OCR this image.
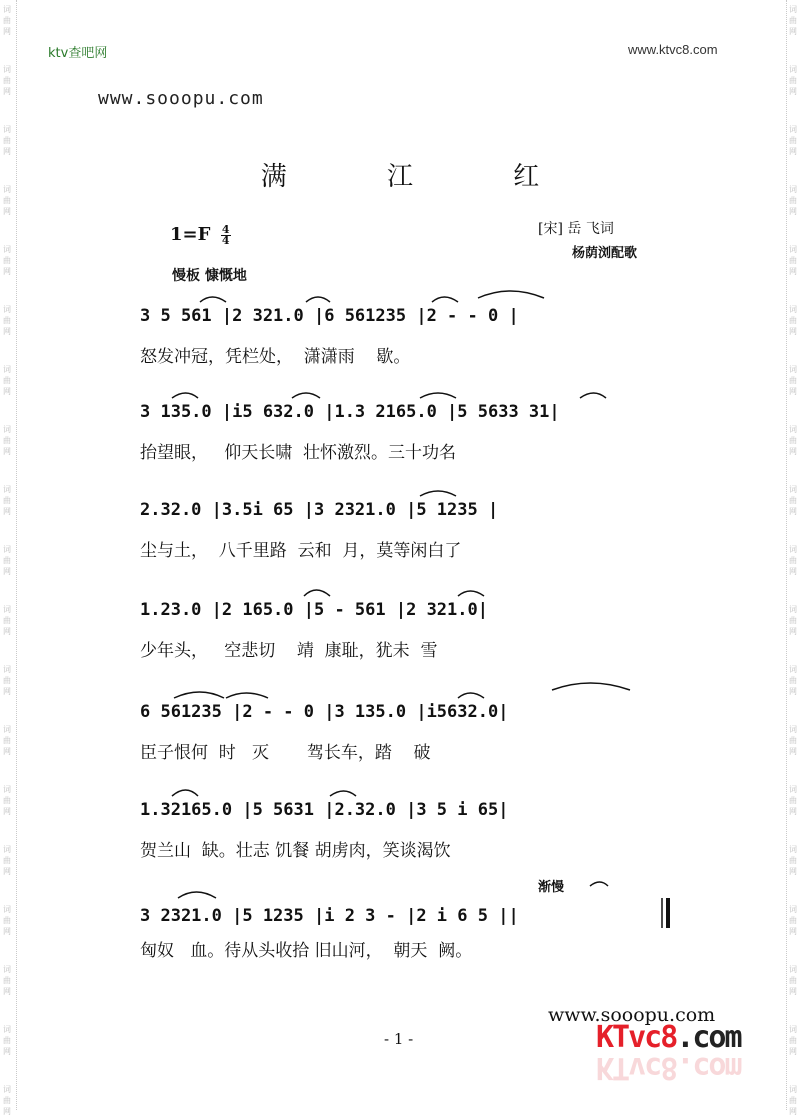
词
曲
网
词
曲
网
词
曲
网
词
曲
网
词
曲
网
词
曲
网
词
曲
网
词
曲
网
词
曲
网
词
曲
网
词
曲
网
词
曲
网
词
曲
网
词
曲
网
词
曲
网
词
曲
网
词
曲
网
词
曲
网
词
曲
网
词
曲
网
词
曲
网
词
曲
网
词
曲
网
词
曲
网
词
曲
网
词
曲
网
词
曲
网
词
曲
网
词
曲
网
词
曲
网
词
曲
网
词
曲
网
词
曲
网
词
曲
网
词
曲
网
词
曲
网
词
曲
网
词
曲
网
ktv查吧网	www.ktvc8.com
www.sooopu.com
满 江 红
$1=F \frac{4}{4}$	[宋] 岳 飞词
杨荫浏配歌
慢板 慷慨地
3 5 561 |2 321.0 |6 561235 |2 - - 0 |
怒发冲冠，凭栏处，  潇潇雨    歇。
3 135.0 |i5 632.0 |1.3 2165.0 |5 5633 31|
抬望眼，   仰天长啸  壮怀激烈。三十功名
2.32.0 |3.5i 65 |3 2321.0 |5 1235 |
尘与土，  八千里路  云和  月，莫等闲白了
1.23.0 |2 165.0 |5 - 561 |2 321.0|
少年头，   空悲切    靖  康耻，犹未  雪
6 561235 |2 - - 0 |3 135.0 |i5632.0|
臣子恨何  时   灭       驾长车，踏    破
1.32165.0 |5 5631 |2.32.0 |3 5 i 65|
贺兰山  缺。壮志 饥餐 胡虏肉，笑谈渴饮
渐慢
3 2321.0 |5 1235 |i 2 3 - |2 i 6 5 ||
匈奴   血。待从头收拾 旧山河，  朝天  阙。
www.sooopu.com
- 1 -	KTvc8.com
KTvc8.com
